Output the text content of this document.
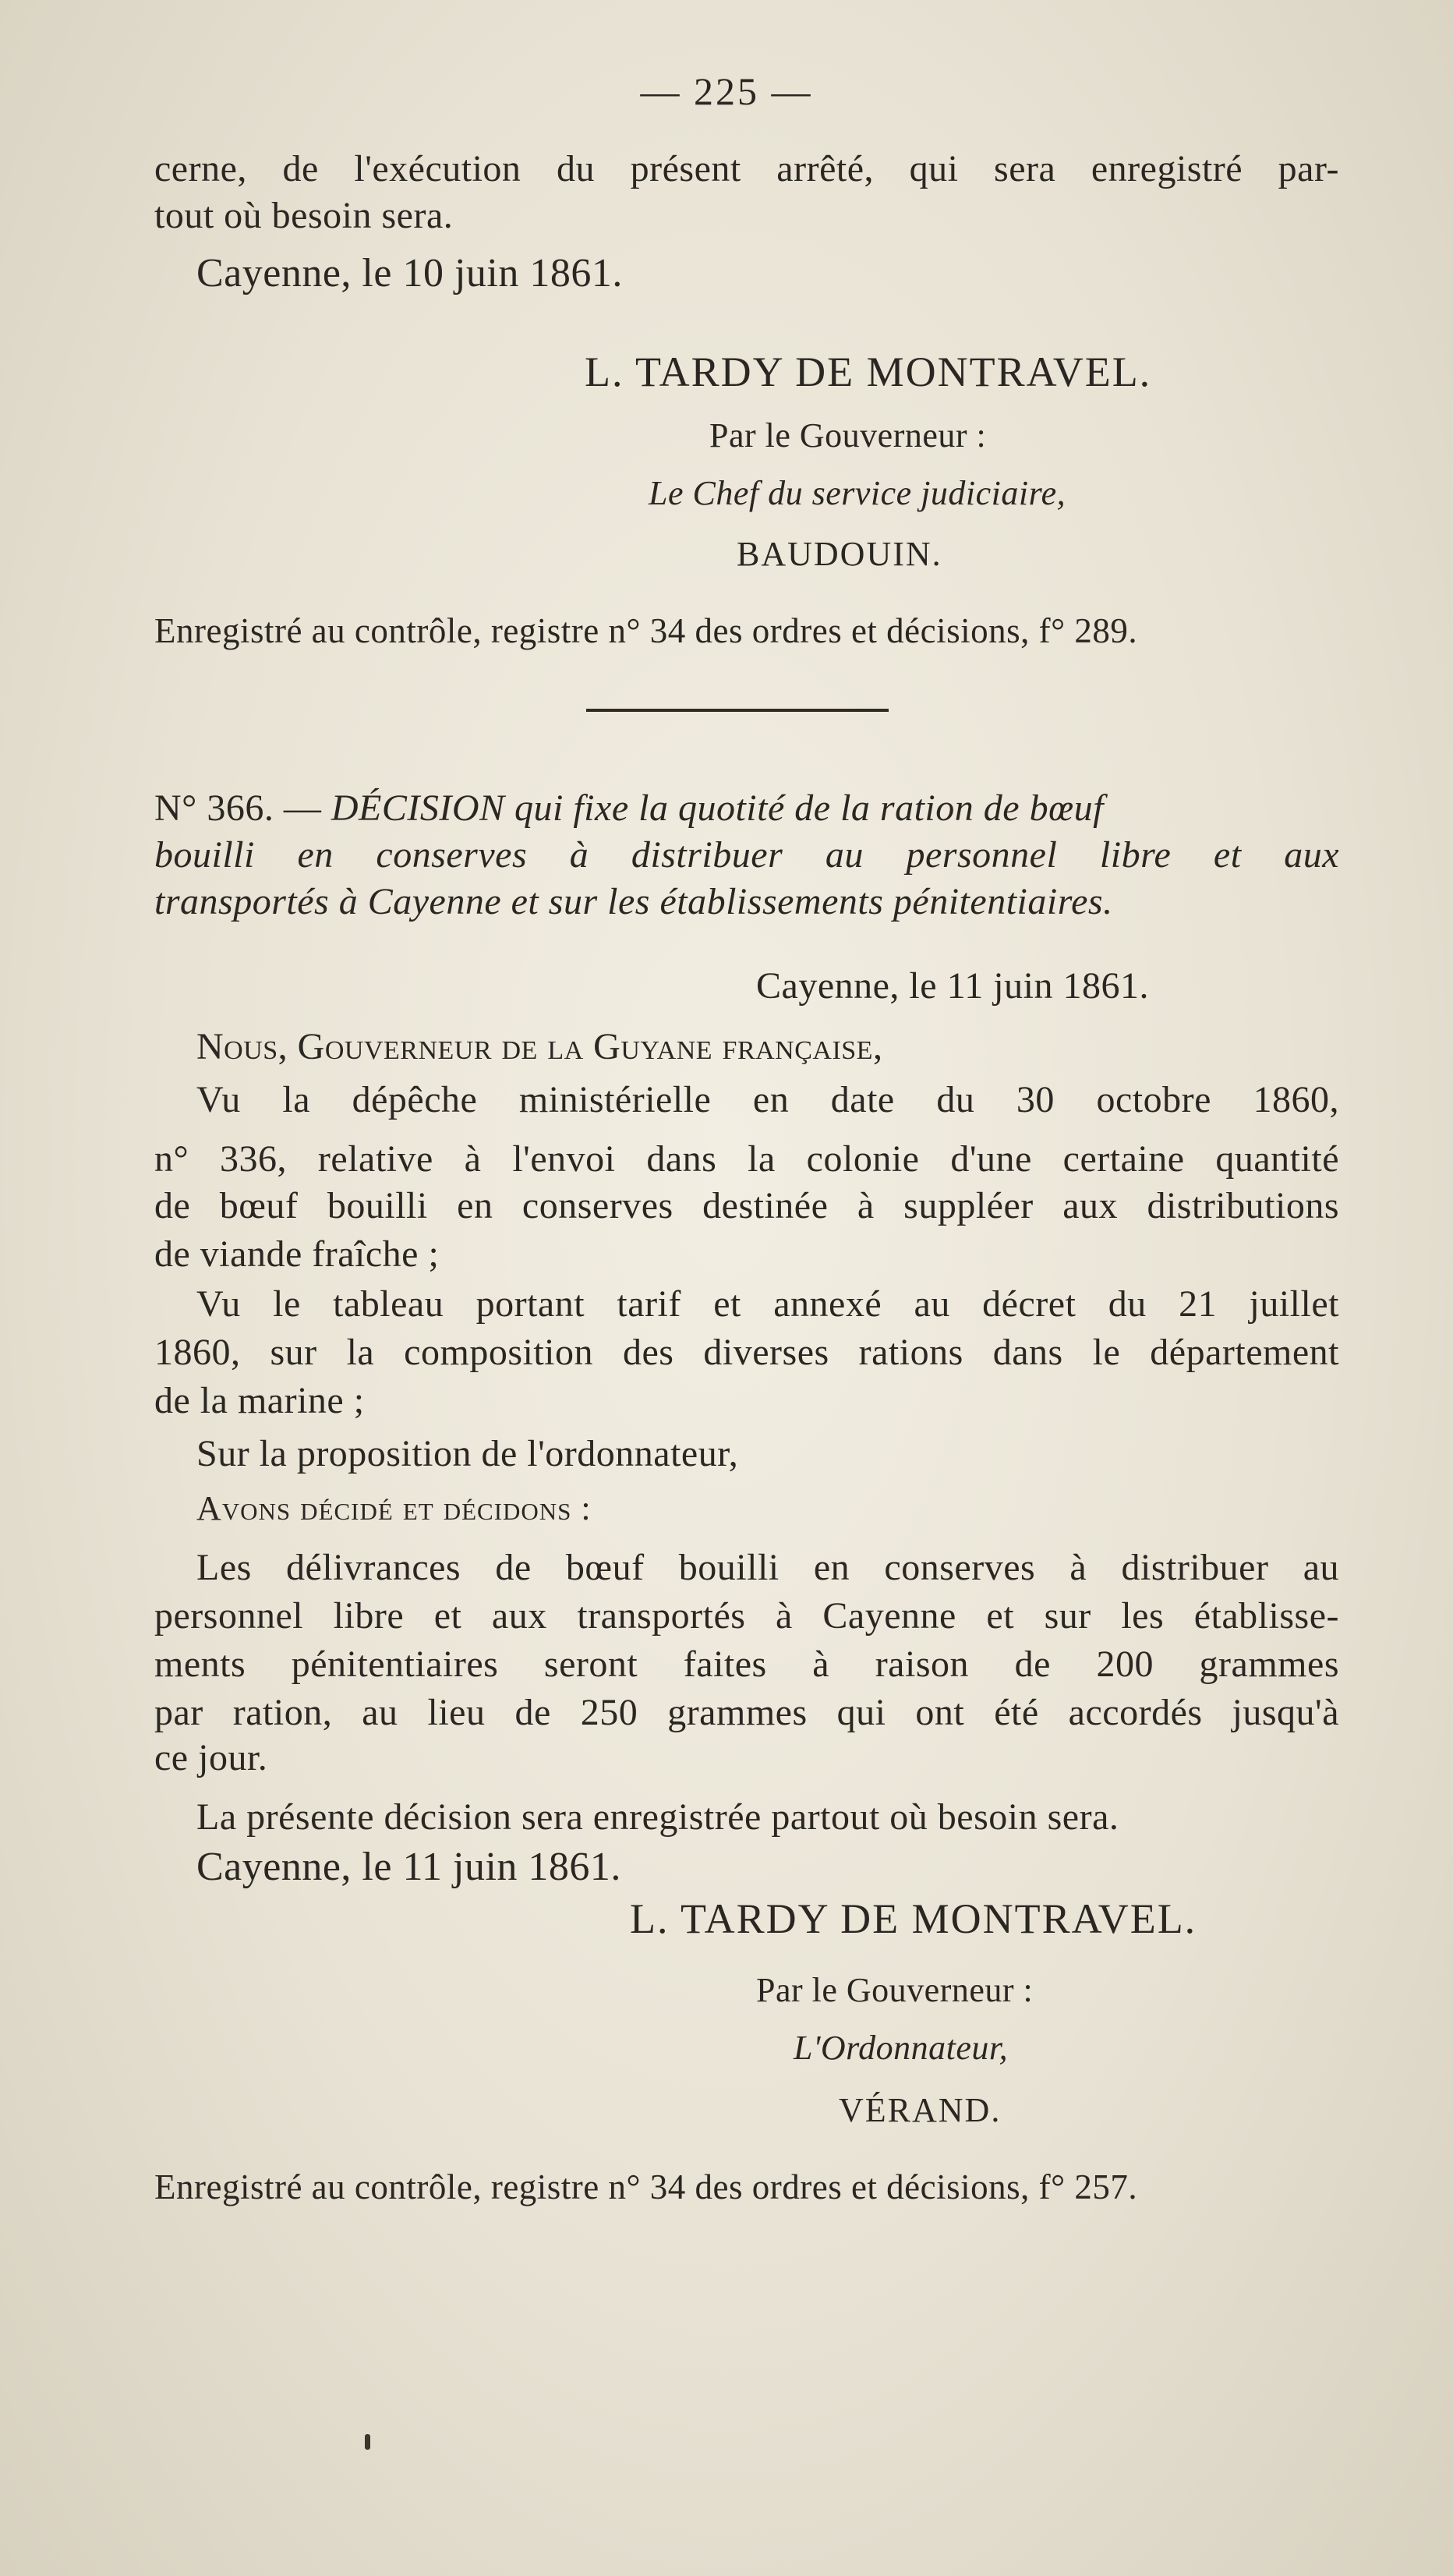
— 225 —
cerne, de l'exécution du présent arrêté, qui sera enregistré par-
tout où besoin sera.
Cayenne, le 10 juin 1861.
L. TARDY DE MONTRAVEL.
Par le Gouverneur :
Le Chef du service judiciaire,
BAUDOUIN.
Enregistré au contrôle, registre n° 34 des ordres et décisions, f° 289.
N° 366. — DÉCISION qui fixe la quotité de la ration de bœuf
bouilli en conserves à distribuer au personnel libre et aux
transportés à Cayenne et sur les établissements pénitentiaires.
Cayenne, le 11 juin 1861.
Nous, Gouverneur de la Guyane française,
Vu la dépêche ministérielle en date du 30 octobre 1860,
n° 336, relative à l'envoi dans la colonie d'une certaine quantité
de bœuf bouilli en conserves destinée à suppléer aux distributions
de viande fraîche ;
Vu le tableau portant tarif et annexé au décret du 21 juillet
1860, sur la composition des diverses rations dans le département
de la marine ;
Sur la proposition de l'ordonnateur,
Avons décidé et décidons :
Les délivrances de bœuf bouilli en conserves à distribuer au
personnel libre et aux transportés à Cayenne et sur les établisse-
ments pénitentiaires seront faites à raison de 200 grammes
par ration, au lieu de 250 grammes qui ont été accordés jusqu'à
ce jour.
La présente décision sera enregistrée partout où besoin sera.
Cayenne, le 11 juin 1861.
L. TARDY DE MONTRAVEL.
Par le Gouverneur :
L'Ordonnateur,
VÉRAND.
Enregistré au contrôle, registre n° 34 des ordres et décisions, f° 257.
